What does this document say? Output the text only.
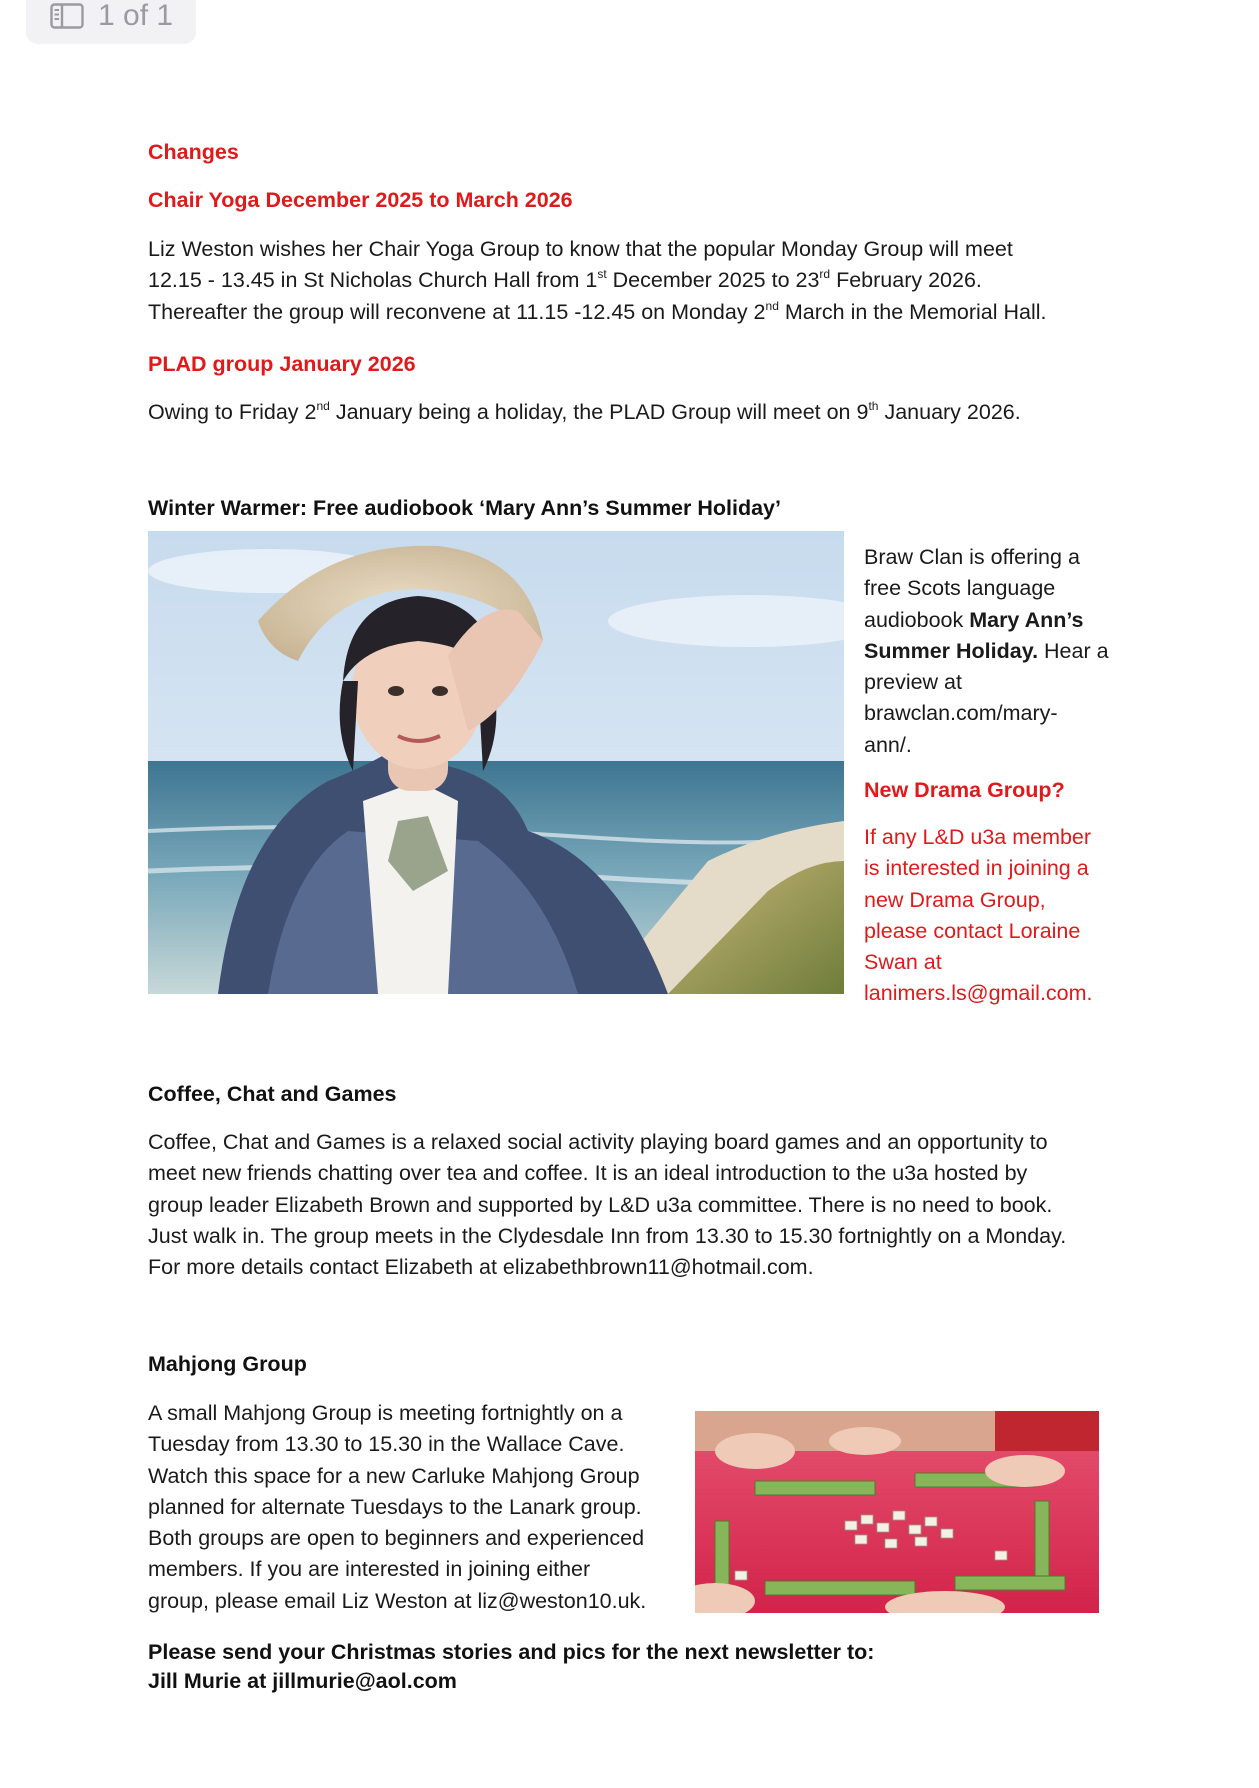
1 of 1
Changes
Chair Yoga December 2025 to March 2026
Liz Weston wishes her Chair Yoga Group to know that the popular Monday Group will meet
12.15 - 13.45 in St Nicholas Church Hall from 1st December 2025 to 23rd February 2026.
Thereafter the group will reconvene at 11.15 -12.45 on Monday 2nd March in the Memorial Hall.
PLAD group January 2026
Owing to Friday 2nd January being a holiday, the PLAD Group will meet on 9th January 2026.
Winter Warmer: Free audiobook ‘Mary Ann’s Summer Holiday’
Braw Clan is offering a
free Scots language
audiobook Mary Ann’s
Summer Holiday. Hear a
preview at
brawclan.com/mary-
ann/.
New Drama Group?
If any L&D u3a member
is interested in joining a
new Drama Group,
please contact Loraine
Swan at
lanimers.ls@gmail.com.
Coffee, Chat and Games
Coffee, Chat and Games is a relaxed social activity playing board games and an opportunity to
meet new friends chatting over tea and coffee. It is an ideal introduction to the u3a hosted by
group leader Elizabeth Brown and supported by L&D u3a committee. There is no need to book.
Just walk in. The group meets in the Clydesdale Inn from 13.30 to 15.30 fortnightly on a Monday.
For more details contact Elizabeth at elizabethbrown11@hotmail.com.
Mahjong Group
A small Mahjong Group is meeting fortnightly on a
Tuesday from 13.30 to 15.30 in the Wallace Cave.
Watch this space for a new Carluke Mahjong Group
planned for alternate Tuesdays to the Lanark group.
Both groups are open to beginners and experienced
members. If you are interested in joining either
group, please email Liz Weston at liz@weston10.uk.
Please send your Christmas stories and pics for the next newsletter to:
Jill Murie at jillmurie@aol.com
